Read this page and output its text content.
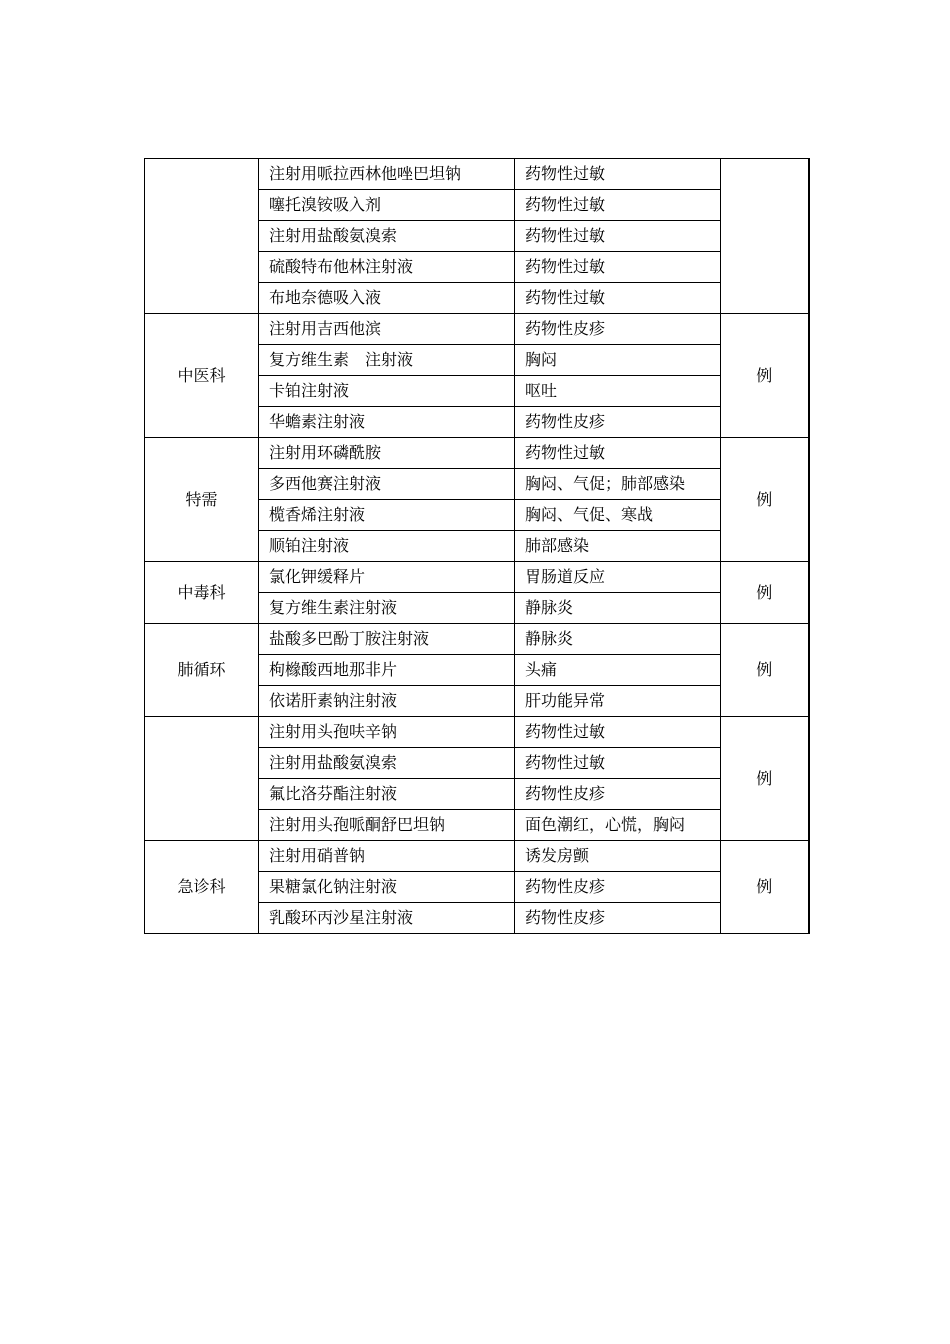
	注射用哌拉西林他唑巴坦钠	药物性过敏	
	噻托溴铵吸入剂	药物性过敏	
	注射用盐酸氨溴索	药物性过敏	
	硫酸特布他林注射液	药物性过敏	
	布地奈德吸入液	药物性过敏	
中医科	注射用吉西他滨	药物性皮疹	例
	复方维生素　注射液	胸闷	
	卡铂注射液	呕吐	
	华蟾素注射液	药物性皮疹	
特需	注射用环磷酰胺	药物性过敏	例
	多西他赛注射液	胸闷、气促；肺部感染	
	榄香烯注射液	胸闷、气促、寒战	
	顺铂注射液	肺部感染	
中毒科	氯化钾缓释片	胃肠道反应	例
	复方维生素注射液	静脉炎	
肺循环	盐酸多巴酚丁胺注射液	静脉炎	例
	枸橼酸西地那非片	头痛	
	依诺肝素钠注射液	肝功能异常	
	注射用头孢呋辛钠	药物性过敏	例
	注射用盐酸氨溴索	药物性过敏	
	氟比洛芬酯注射液	药物性皮疹	
	注射用头孢哌酮舒巴坦钠	面色潮红，心慌，胸闷	
急诊科	注射用硝普钠	诱发房颤	例
	果糖氯化钠注射液	药物性皮疹	
	乳酸环丙沙星注射液	药物性皮疹	
